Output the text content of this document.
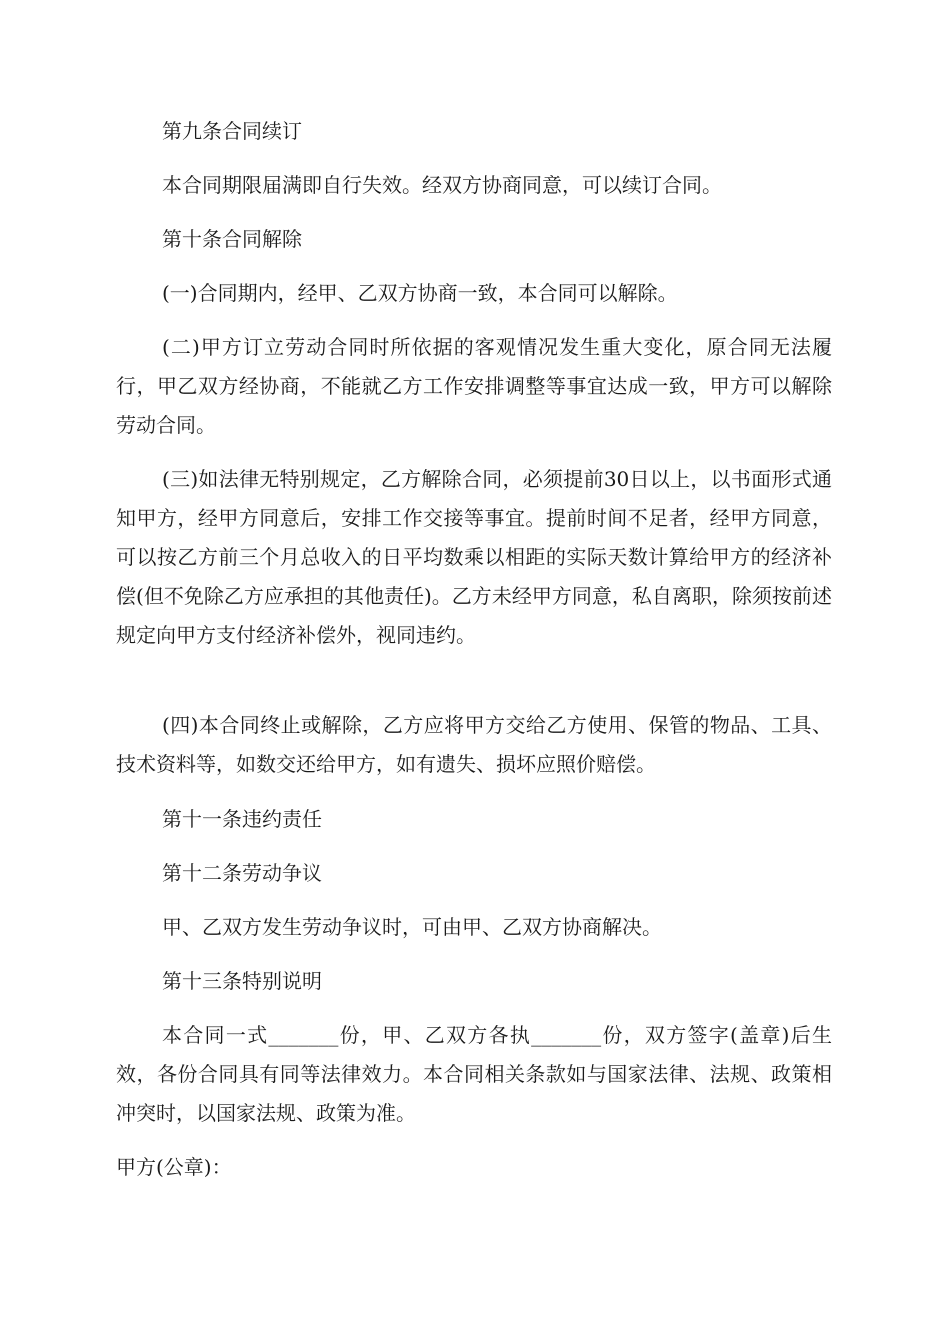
第九条合同续订

本合同期限届满即自行失效。经双方协商同意，可以续订合同。

第十条合同解除

(一)合同期内，经甲、乙双方协商一致，本合同可以解除。

(二)甲方订立劳动合同时所依据的客观情况发生重大变化，原合同无法履行，甲乙双方经协商，不能就乙方工作安排调整等事宜达成一致，甲方可以解除劳动合同。

(三)如法律无特别规定，乙方解除合同，必须提前30日以上，以书面形式通知甲方，经甲方同意后，安排工作交接等事宜。提前时间不足者，经甲方同意，可以按乙方前三个月总收入的日平均数乘以相距的实际天数计算给甲方的经济补偿(但不免除乙方应承担的其他责任)。乙方未经甲方同意，私自离职，除须按前述规定向甲方支付经济补偿外，视同违约。

(四)本合同终止或解除，乙方应将甲方交给乙方使用、保管的物品、工具、技术资料等，如数交还给甲方，如有遗失、损坏应照价赔偿。

第十一条违约责任

第十二条劳动争议

甲、乙双方发生劳动争议时，可由甲、乙双方协商解决。

第十三条特别说明

本合同一式_______份，甲、乙双方各执_______份，双方签字(盖章)后生效，各份合同具有同等法律效力。本合同相关条款如与国家法律、法规、政策相冲突时，以国家法规、政策为准。

甲方(公章)：
